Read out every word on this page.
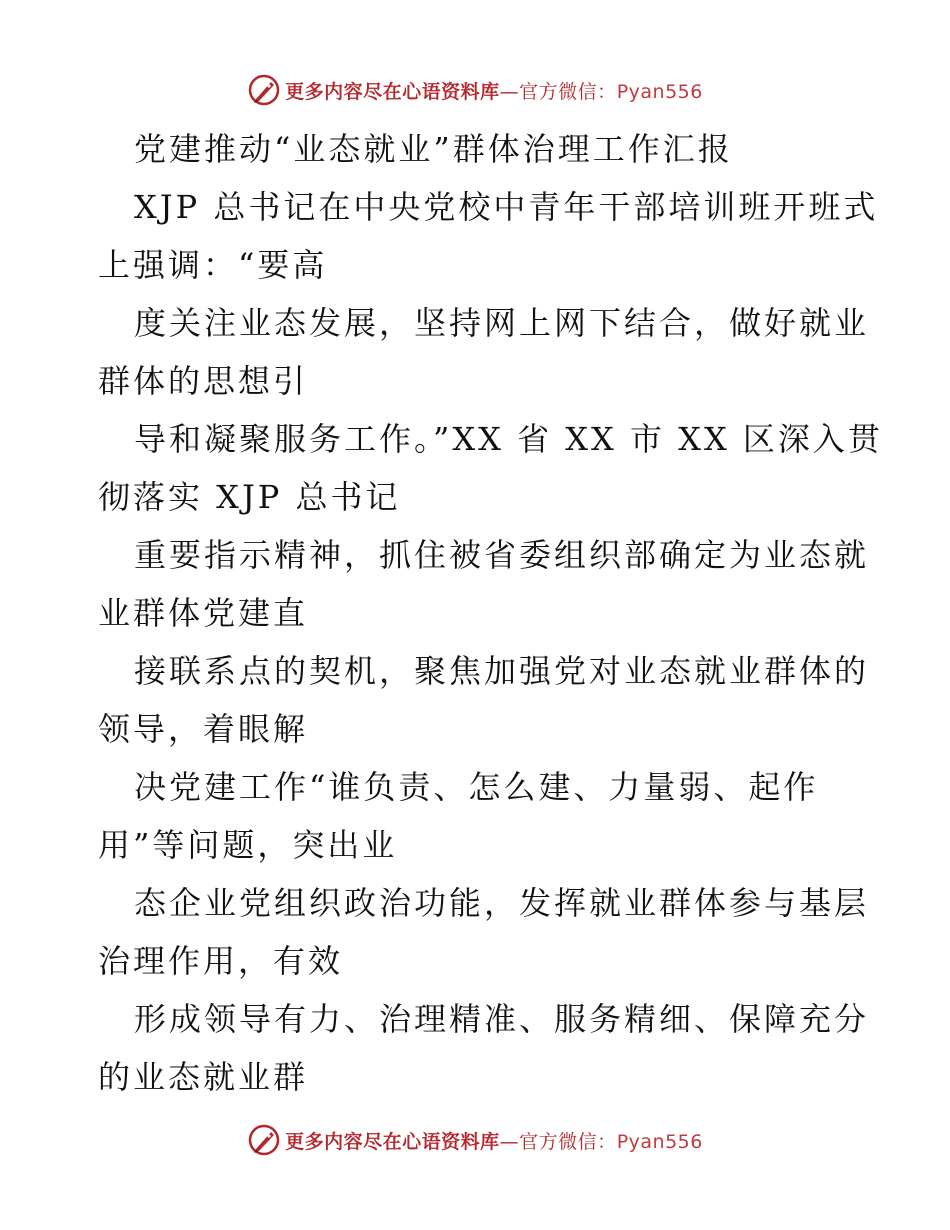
更多内容尽在心语资料库—官方微信：Pyan556
党建推动“业态就业”群体治理工作汇报
XJP 总书记在中央党校中青年干部培训班开班式
上强调：“要高
度关注业态发展，坚持网上网下结合，做好就业
群体的思想引
导和凝聚服务工作。”XX 省 XX 市 XX 区深入贯
彻落实 XJP 总书记
重要指示精神，抓住被省委组织部确定为业态就
业群体党建直
接联系点的契机，聚焦加强党对业态就业群体的
领导，着眼解
决党建工作“谁负责、怎么建、力量弱、起作
用”等问题，突出业
态企业党组织政治功能，发挥就业群体参与基层
治理作用，有效
形成领导有力、治理精准、服务精细、保障充分
的业态就业群
更多内容尽在心语资料库—官方微信：Pyan556
